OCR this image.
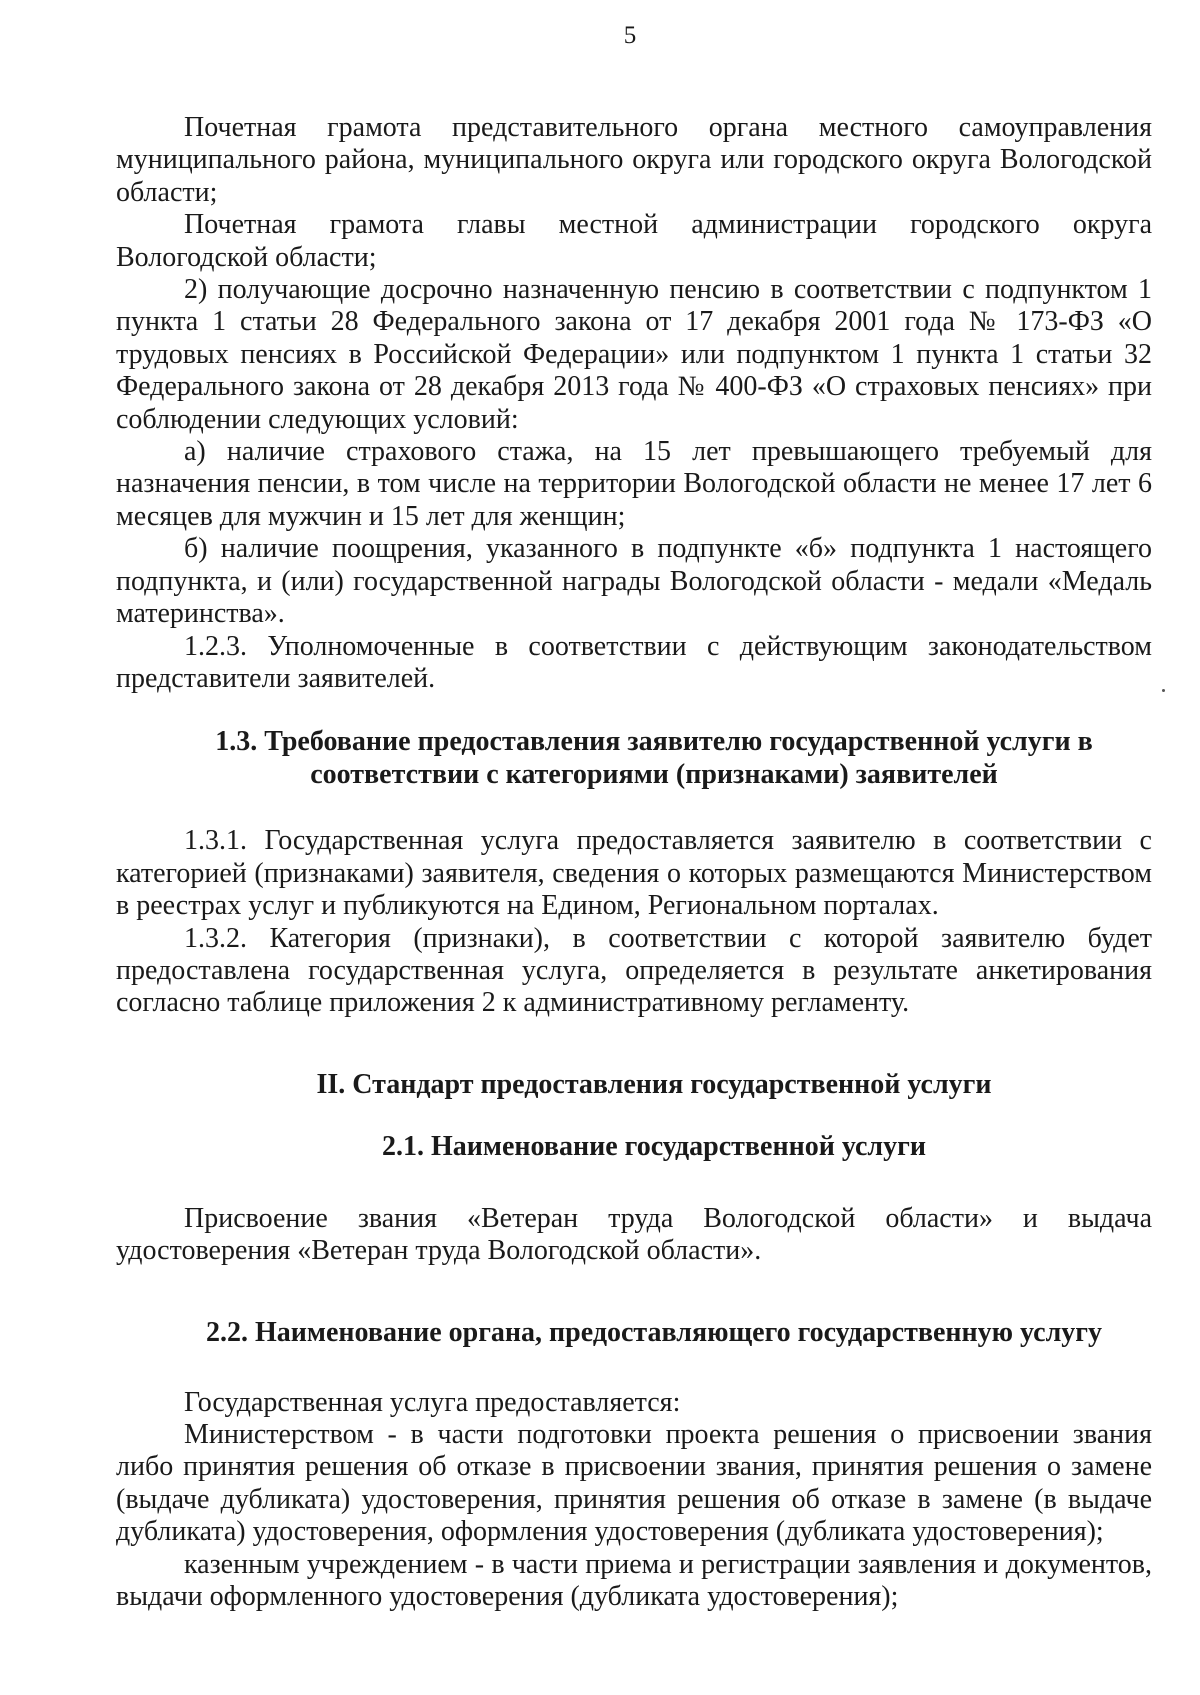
5

Почетная грамота представительного органа местного самоуправления муниципального района, муниципального округа или городского округа Вологодской области;

Почетная грамота главы местной администрации городского округа Вологодской области;

2) получающие досрочно назначенную пенсию в соответствии с подпунктом 1 пункта 1 статьи 28 Федерального закона от 17 декабря 2001 года № 173-ФЗ «О трудовых пенсиях в Российской Федерации» или подпунктом 1 пункта 1 статьи 32 Федерального закона от 28 декабря 2013 года № 400-ФЗ «О страховых пенсиях» при соблюдении следующих условий:

а) наличие страхового стажа, на 15 лет превышающего требуемый для назначения пенсии, в том числе на территории Вологодской области не менее 17 лет 6 месяцев для мужчин и 15 лет для женщин;

б) наличие поощрения, указанного в подпункте «б» подпункта 1 настоящего подпункта, и (или) государственной награды Вологодской области - медали «Медаль материнства».

1.2.3. Уполномоченные в соответствии с действующим законодательством представители заявителей.

1.3. Требование предоставления заявителю государственной услуги в
соответствии с категориями (признаками) заявителей

1.3.1. Государственная услуга предоставляется заявителю в соответствии с категорией (признаками) заявителя, сведения о которых размещаются Министерством в реестрах услуг и публикуются на Едином, Региональном порталах.

1.3.2. Категория (признаки), в соответствии с которой заявителю будет предоставлена государственная услуга, определяется в результате анкетирования согласно таблице приложения 2 к административному регламенту.

II. Стандарт предоставления государственной услуги
2.1. Наименование государственной услуги

Присвоение звания «Ветеран труда Вологодской области» и выдача удостоверения «Ветеран труда Вологодской области».

2.2. Наименование органа, предоставляющего государственную услугу

Государственная услуга предоставляется:

Министерством - в части подготовки проекта решения о присвоении звания либо принятия решения об отказе в присвоении звания, принятия решения о замене (выдаче дубликата) удостоверения, принятия решения об отказе в замене (в выдаче дубликата) удостоверения, оформления удостоверения (дубликата удостоверения);

казенным учреждением - в части приема и регистрации заявления и документов, выдачи оформленного удостоверения (дубликата удостоверения);
